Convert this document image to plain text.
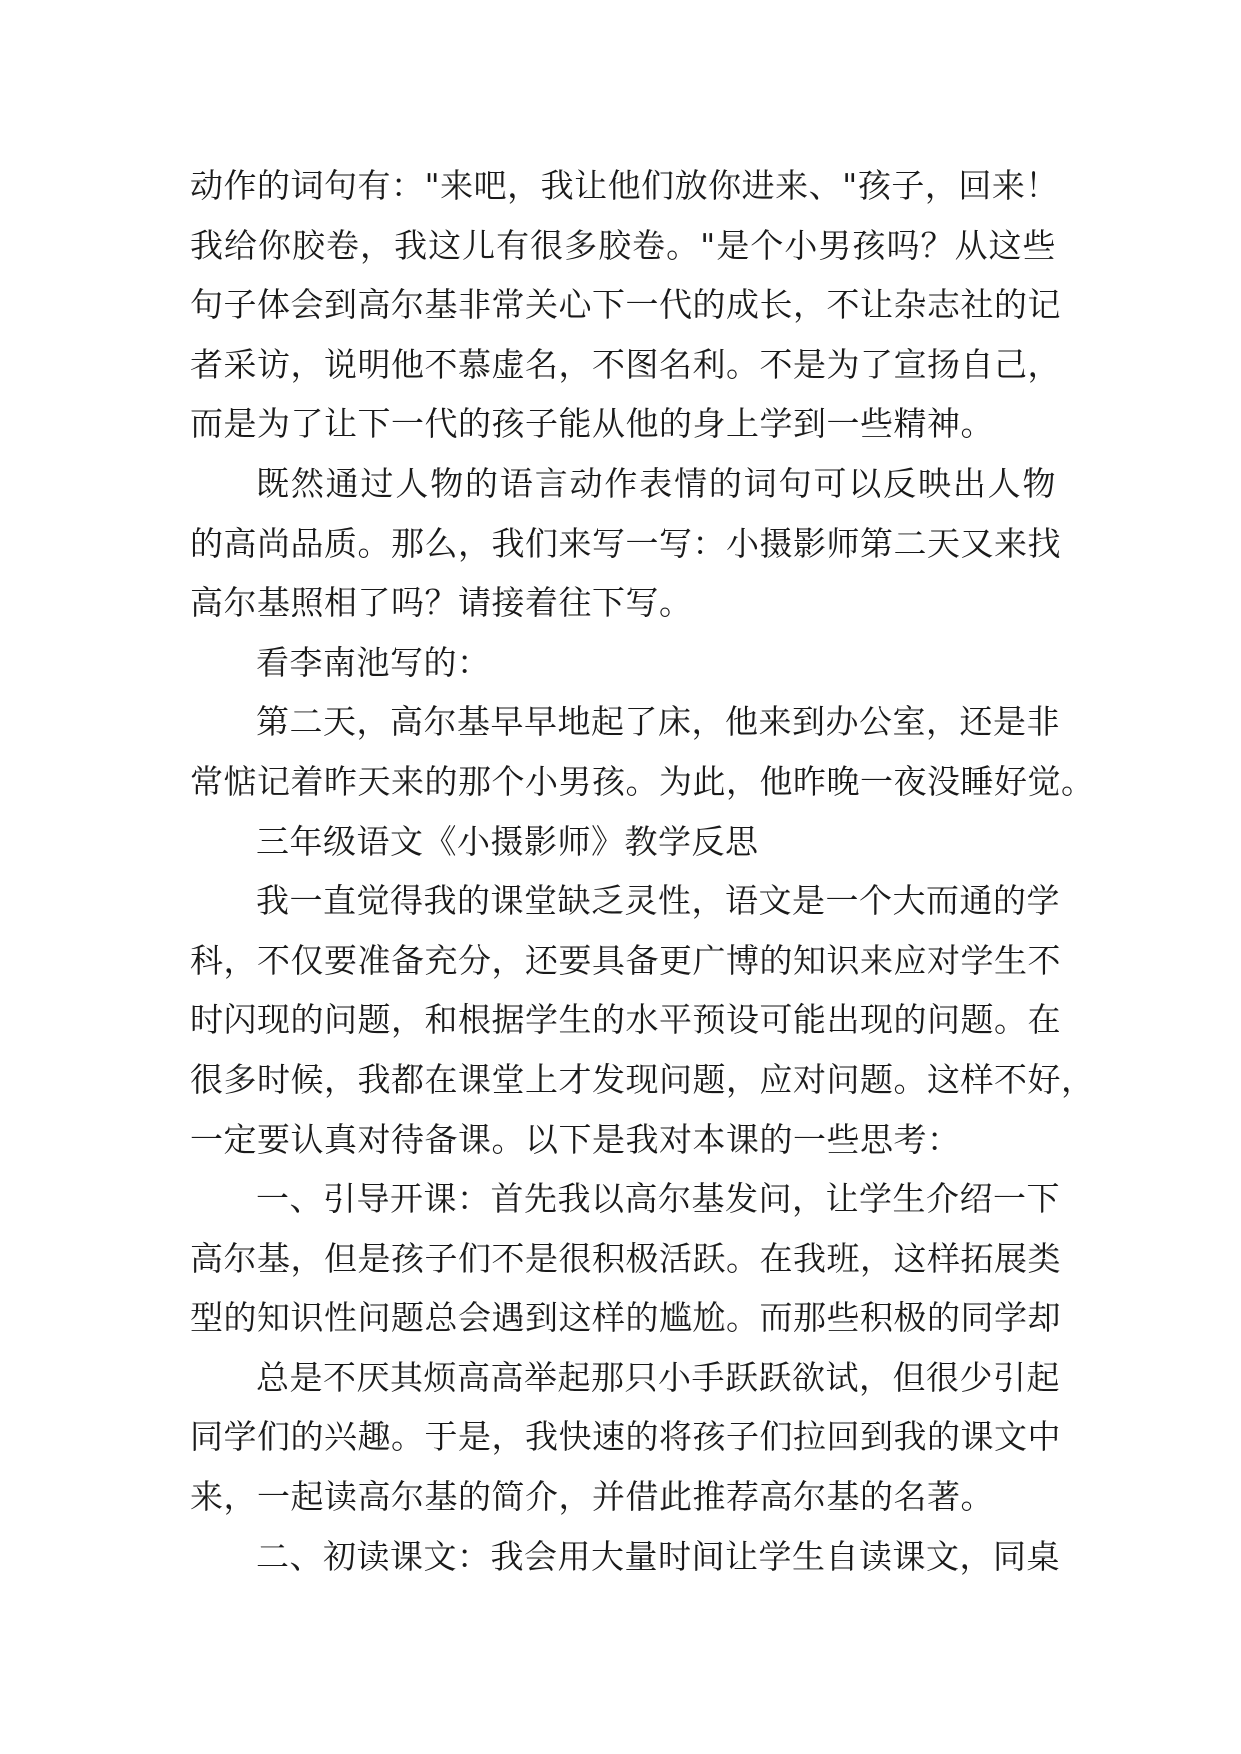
动作的词句有："来吧，我让他们放你进来、"孩子，回来！
我给你胶卷，我这儿有很多胶卷。"是个小男孩吗？从这些
句子体会到高尔基非常关心下一代的成长，不让杂志社的记
者采访，说明他不慕虚名，不图名利。不是为了宣扬自己，
而是为了让下一代的孩子能从他的身上学到一些精神。
既然通过人物的语言动作表情的词句可以反映出人物
的高尚品质。那么，我们来写一写：小摄影师第二天又来找
高尔基照相了吗？请接着往下写。
看李南池写的：
第二天，高尔基早早地起了床，他来到办公室，还是非
常惦记着昨天来的那个小男孩。为此，他昨晚一夜没睡好觉。
三年级语文《小摄影师》教学反思
我一直觉得我的课堂缺乏灵性，语文是一个大而通的学
科，不仅要准备充分，还要具备更广博的知识来应对学生不
时闪现的问题，和根据学生的水平预设可能出现的问题。在
很多时候，我都在课堂上才发现问题，应对问题。这样不好，
一定要认真对待备课。以下是我对本课的一些思考：
一、引导开课：首先我以高尔基发问，让学生介绍一下
高尔基，但是孩子们不是很积极活跃。在我班，这样拓展类
型的知识性问题总会遇到这样的尴尬。而那些积极的同学却
总是不厌其烦高高举起那只小手跃跃欲试，但很少引起
同学们的兴趣。于是，我快速的将孩子们拉回到我的课文中
来，一起读高尔基的简介，并借此推荐高尔基的名著。
二、初读课文：我会用大量时间让学生自读课文，同桌
